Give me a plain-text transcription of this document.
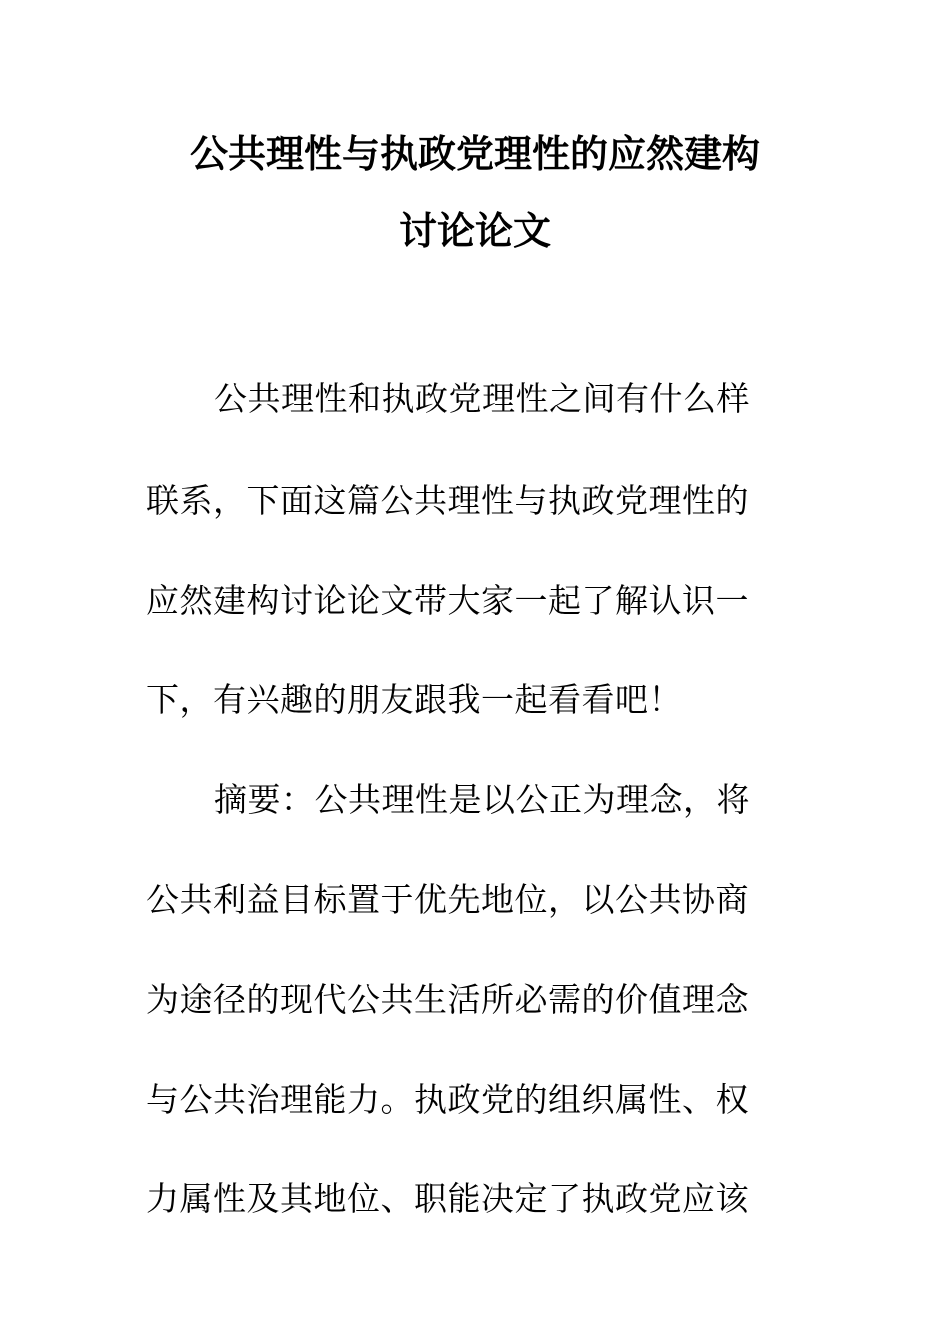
公共理性与执政党理性的应然建构
讨论论文
公共理性和执政党理性之间有什么样
联系，下面这篇公共理性与执政党理性的
应然建构讨论论文带大家一起了解认识一
下，有兴趣的朋友跟我一起看看吧！
摘要：公共理性是以公正为理念，将
公共利益目标置于优先地位，以公共协商
为途径的现代公共生活所必需的价值理念
与公共治理能力。执政党的组织属性、权
力属性及其地位、职能决定了执政党应该
